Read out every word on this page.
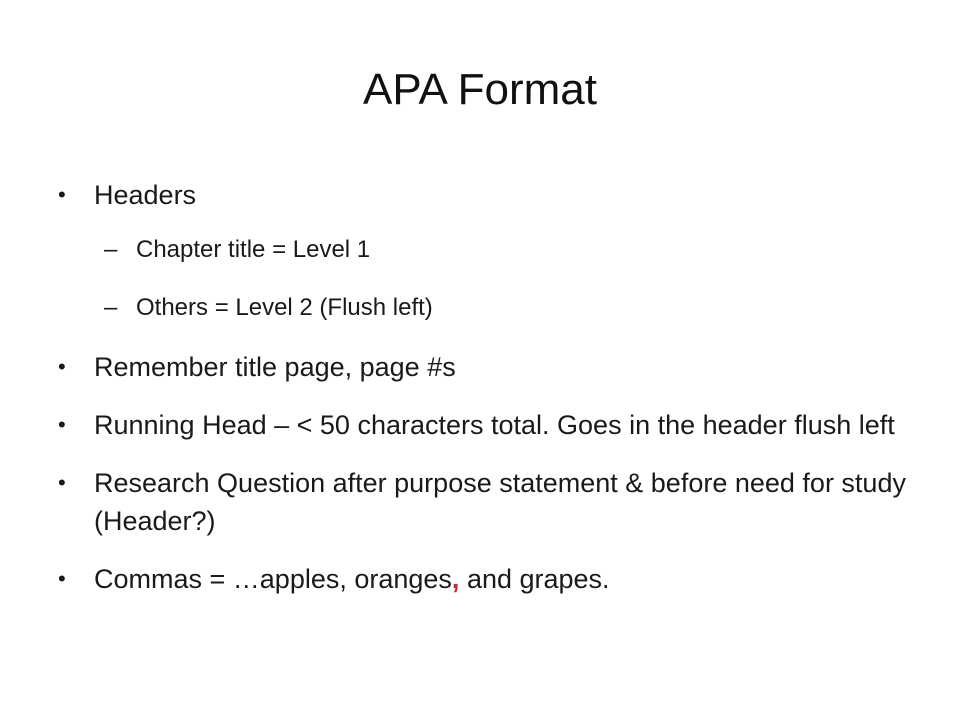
APA Format
•	Headers
– Chapter title = Level 1
– Others = Level 2 (Flush left)
•	Remember title page, page #s
•	Running Head – < 50 characters total. Goes in the header flush left
•	Research Question after purpose statement & before need for study (Header?)
•	Commas = …apples, oranges, and grapes.
